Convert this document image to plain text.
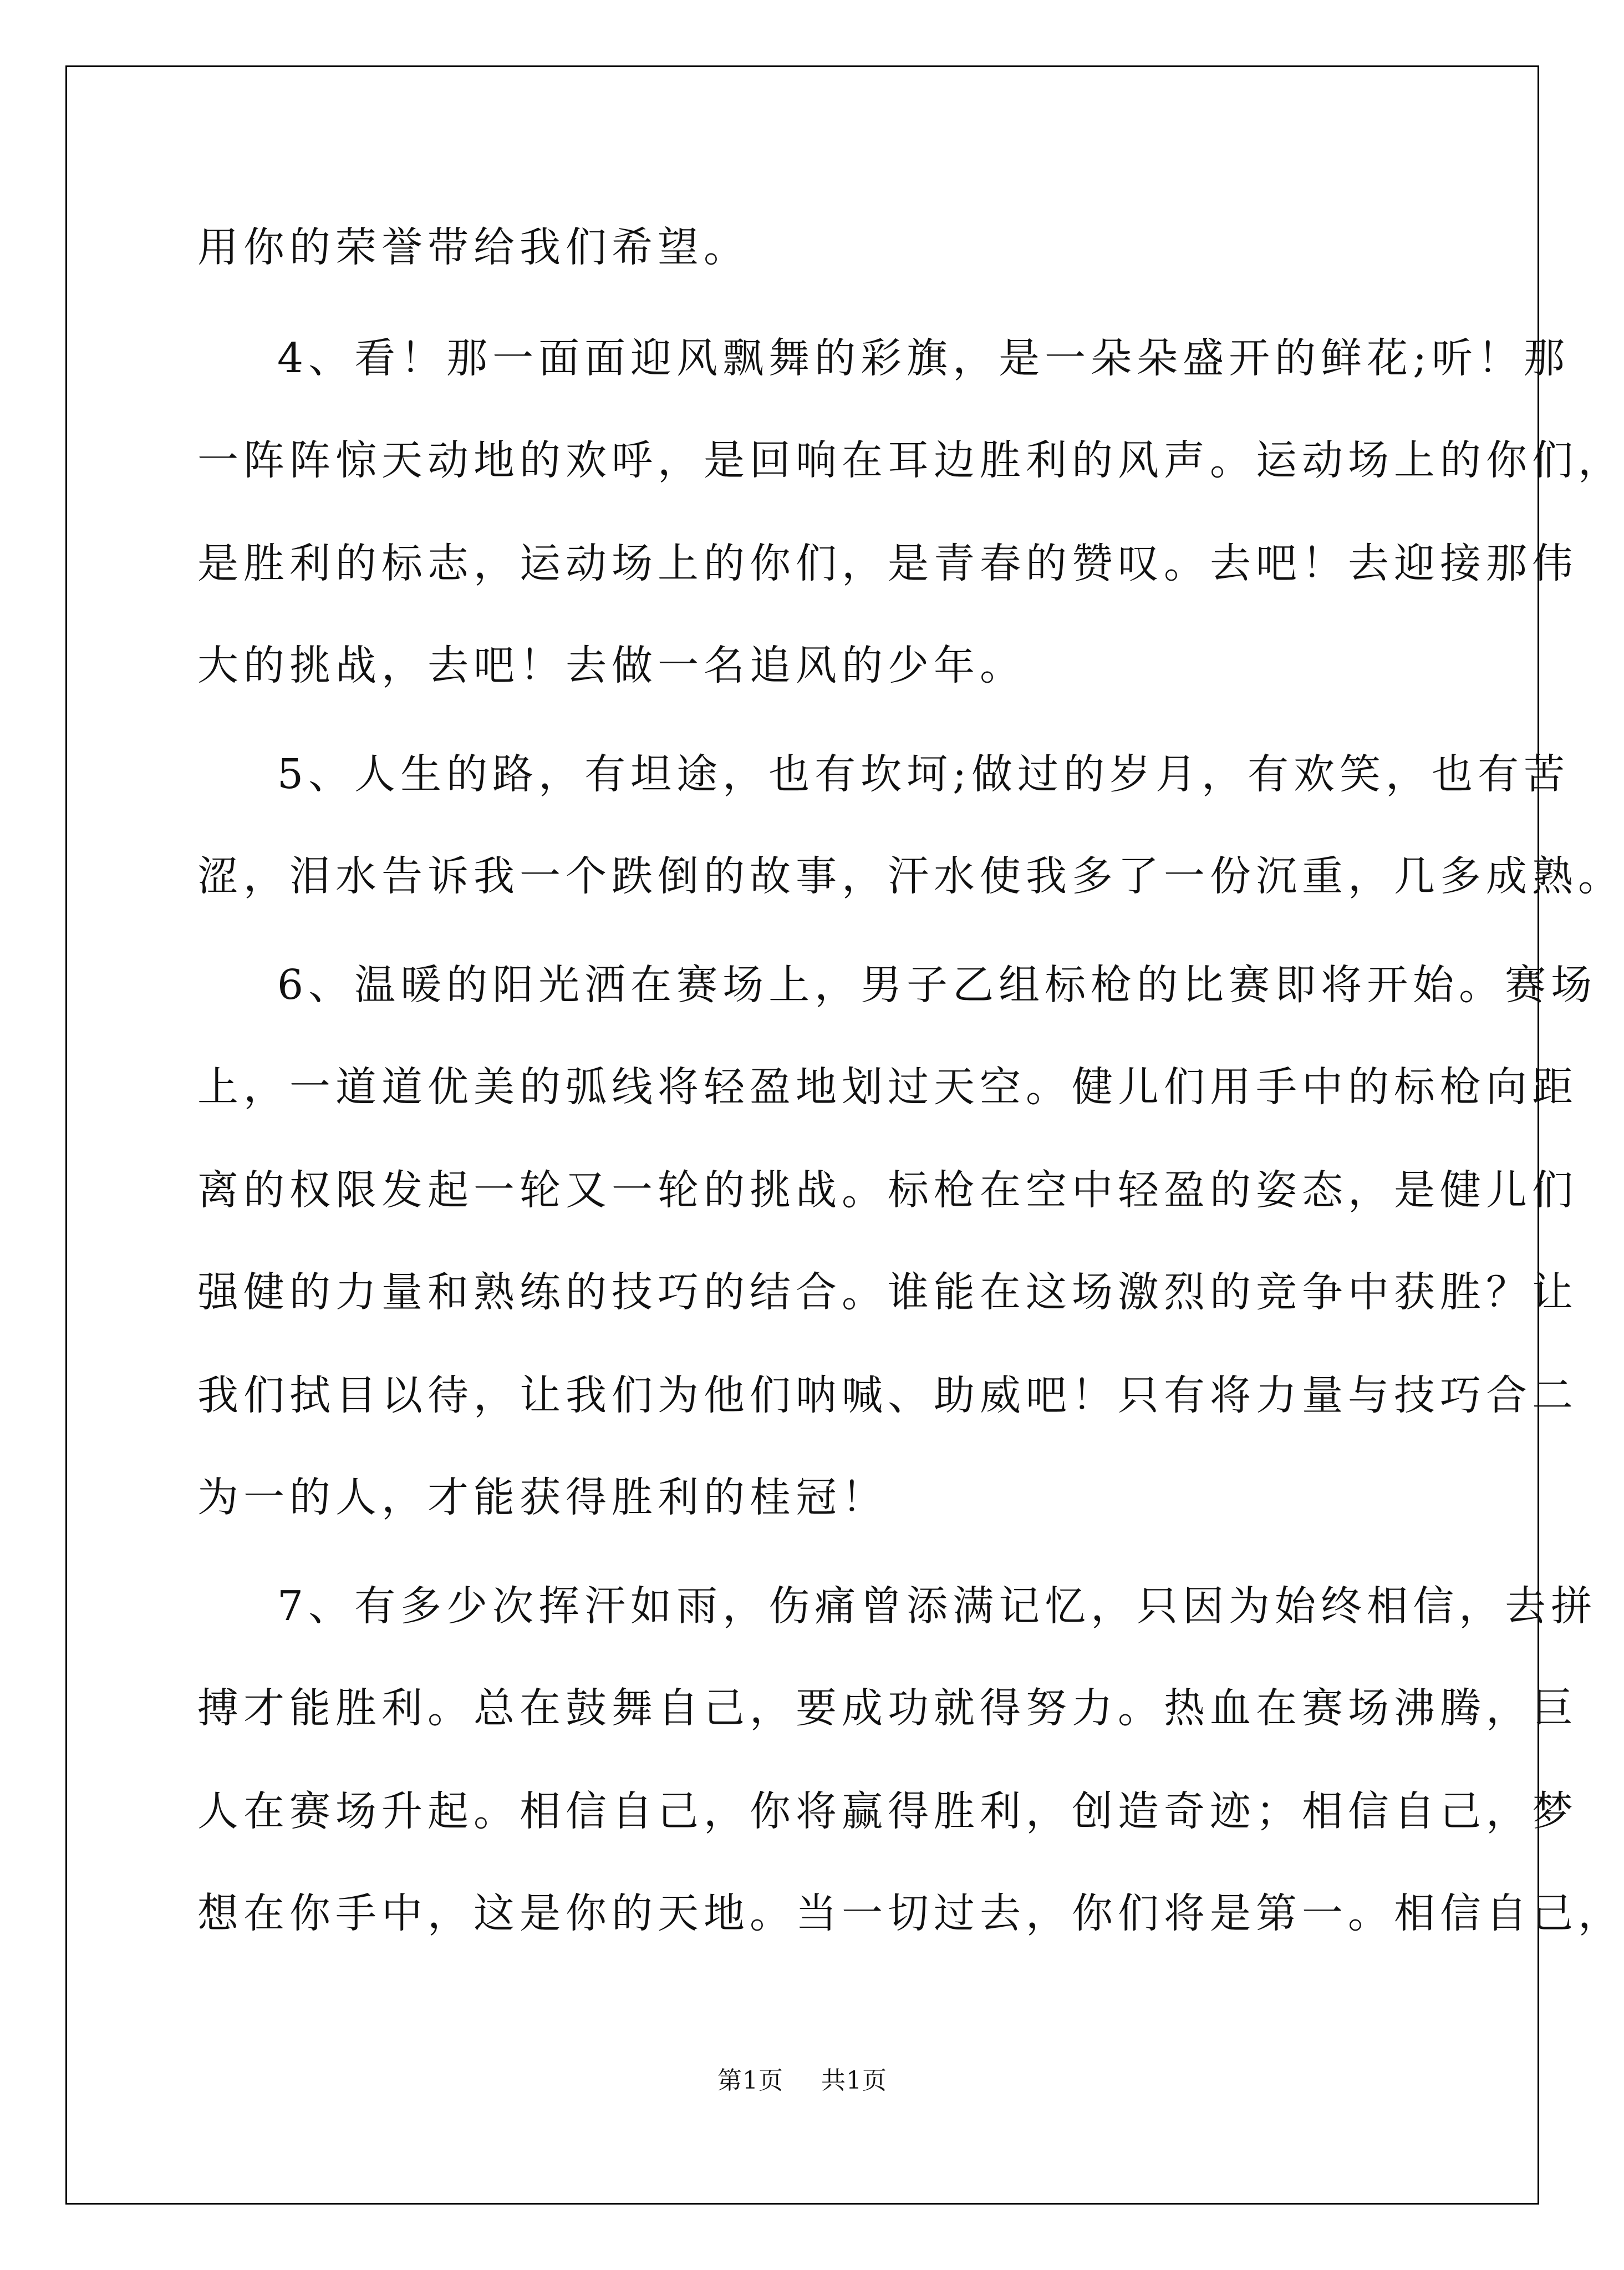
用你的荣誉带给我们希望。
4、看！那一面面迎风飘舞的彩旗，是一朵朵盛开的鲜花;听！那
一阵阵惊天动地的欢呼，是回响在耳边胜利的风声。运动场上的你们，
是胜利的标志，运动场上的你们，是青春的赞叹。去吧！去迎接那伟
大的挑战，去吧！去做一名追风的少年。
5、人生的路，有坦途，也有坎坷;做过的岁月，有欢笑，也有苦
涩，泪水告诉我一个跌倒的故事，汗水使我多了一份沉重，几多成熟。
6、温暖的阳光洒在赛场上，男子乙组标枪的比赛即将开始。赛场
上，一道道优美的弧线将轻盈地划过天空。健儿们用手中的标枪向距
离的权限发起一轮又一轮的挑战。标枪在空中轻盈的姿态，是健儿们
强健的力量和熟练的技巧的结合。谁能在这场激烈的竞争中获胜？让
我们拭目以待，让我们为他们呐喊、助威吧！只有将力量与技巧合二
为一的人，才能获得胜利的桂冠！
7、有多少次挥汗如雨，伤痛曾添满记忆，只因为始终相信，去拼
搏才能胜利。总在鼓舞自己，要成功就得努力。热血在赛场沸腾，巨
人在赛场升起。相信自己，你将赢得胜利，创造奇迹；相信自己，梦
想在你手中，这是你的天地。当一切过去，你们将是第一。相信自己，
第1页 共1页
